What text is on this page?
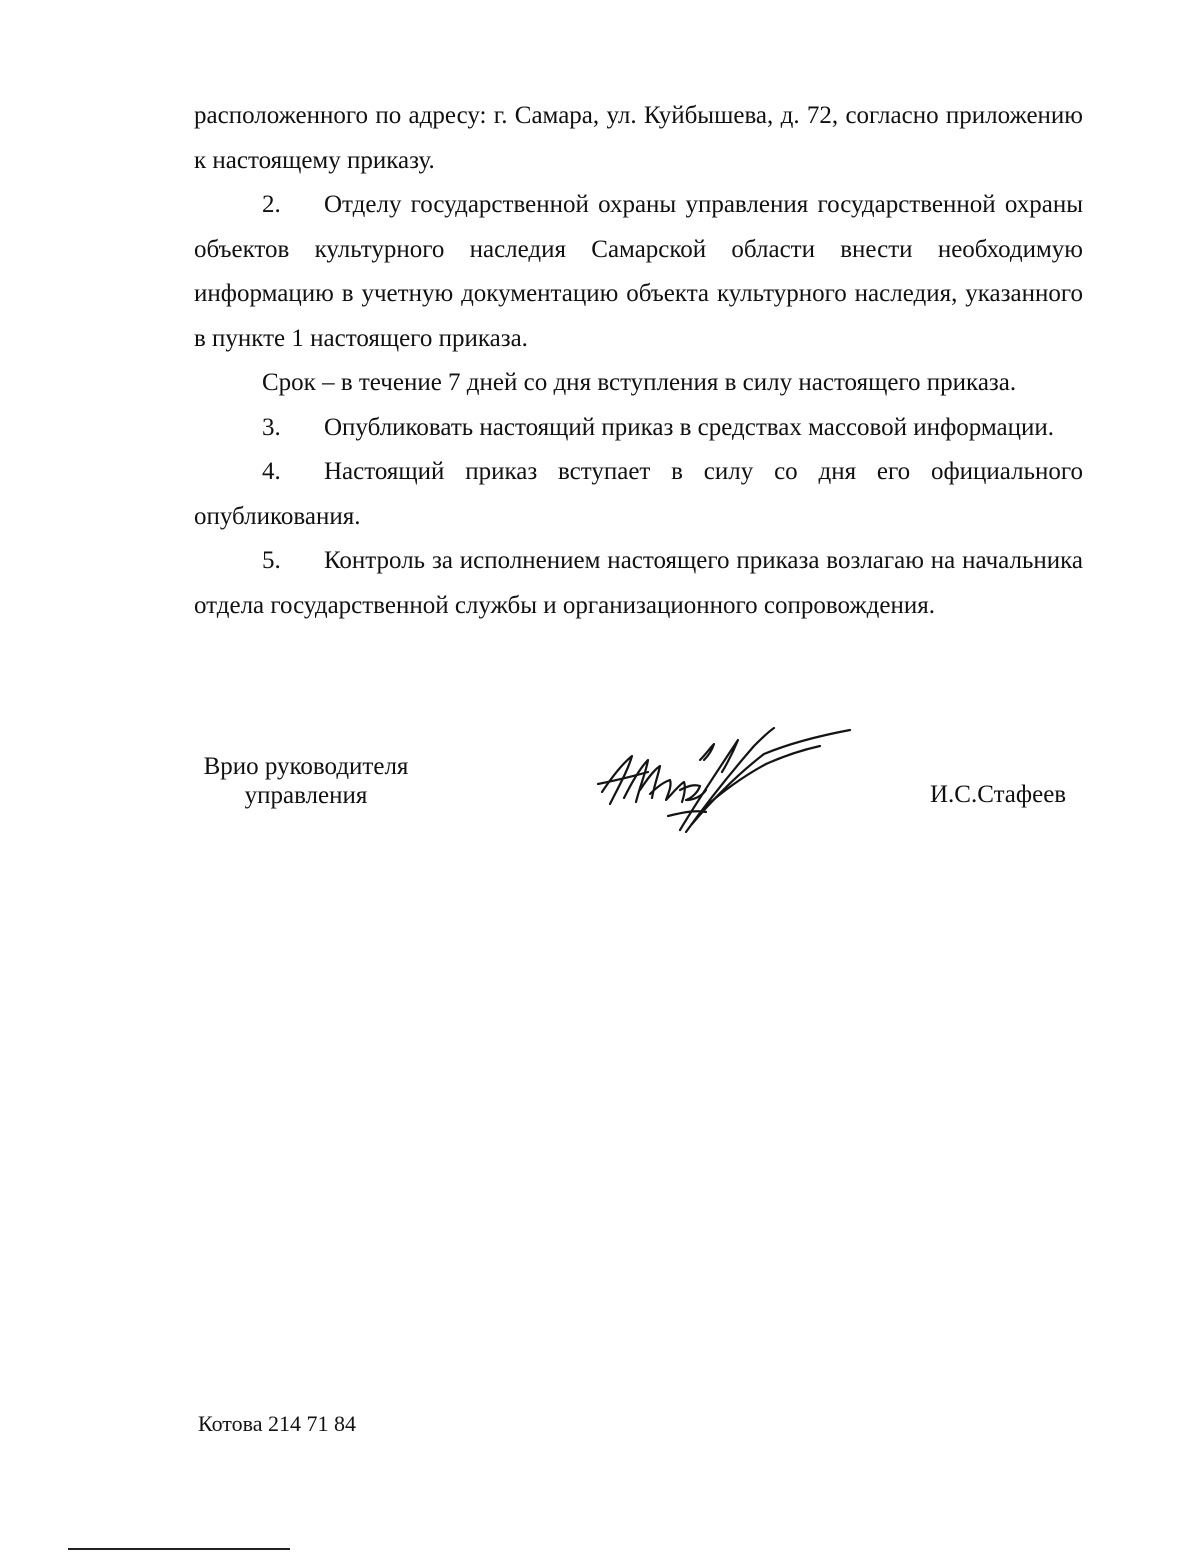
расположенного по адресу: г. Самара, ул. Куйбышева, д. 72, согласно приложению к настоящему приказу.

2. Отделу государственной охраны управления государственной охраны объектов культурного наследия Самарской области внести необходимую информацию в учетную документацию объекта культурного наследия, указанного в пункте 1 настоящего приказа.

Срок – в течение 7 дней со дня вступления в силу настоящего приказа.

3. Опубликовать настоящий приказ в средствах массовой информации.

4. Настоящий приказ вступает в силу со дня его официального опубликования.

5. Контроль за исполнением настоящего приказа возлагаю на начальника отдела государственной службы и организационного сопровождения.

Врио руководителя
управления	И.С.Стафеев
Котова 214 71 84
